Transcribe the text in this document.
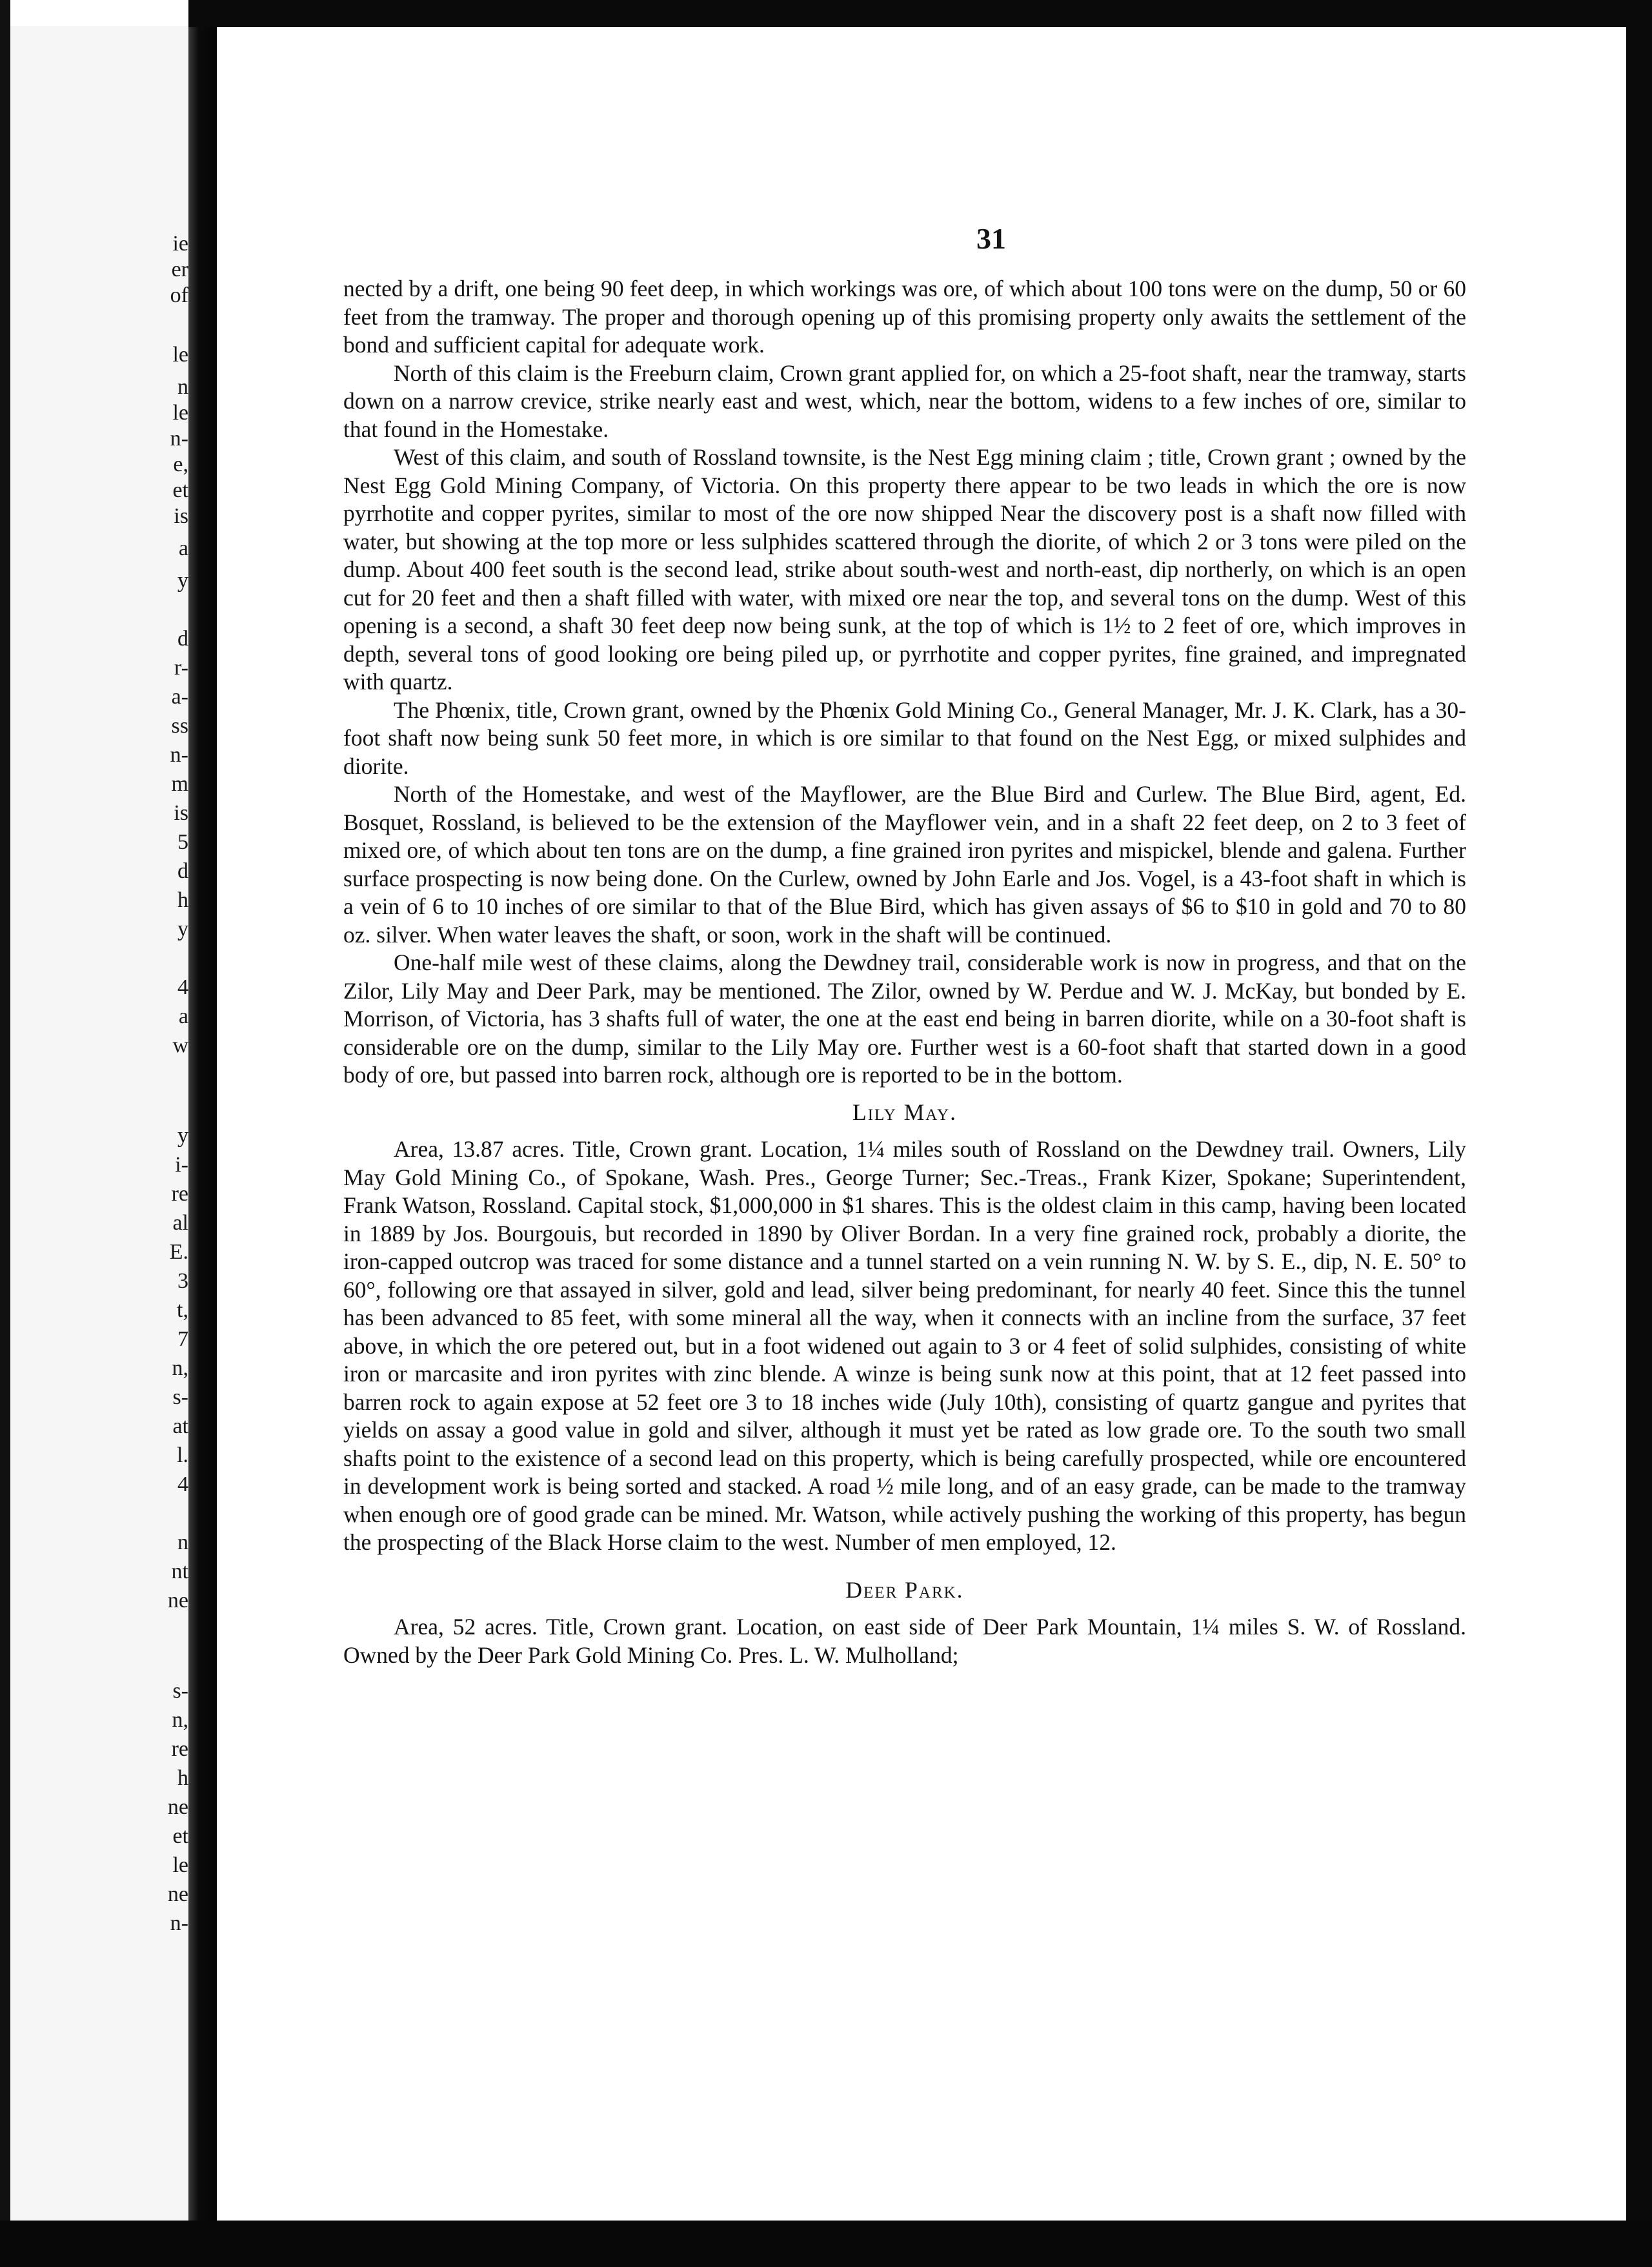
ie
er
of
le
n
le
n-
e,
et
is
a
y
d
r-
a-
ss
n-
m
is
5
d
h
y
4
a
w
y
i-
re
al
E.
3
t,
7
n,
s-
at
l.
4
n
nt
ne
s-
n,
re
h
ne
et
le
ne
n-
31

nected by a drift, one being 90 feet deep, in which workings was ore, of which about 100 tons were on the dump, 50 or 60 feet from the tramway. The proper and thorough opening up of this promising property only awaits the settlement of the bond and sufficient capital for adequate work.

North of this claim is the Freeburn claim, Crown grant applied for, on which a 25-foot shaft, near the tramway, starts down on a narrow crevice, strike nearly east and west, which, near the bottom, widens to a few inches of ore, similar to that found in the Homestake.

West of this claim, and south of Rossland townsite, is the Nest Egg mining claim ; title, Crown grant ; owned by the Nest Egg Gold Mining Company, of Victoria. On this property there appear to be two leads in which the ore is now pyrrhotite and copper pyrites, similar to most of the ore now shipped Near the discovery post is a shaft now filled with water, but showing at the top more or less sulphides scattered through the diorite, of which 2 or 3 tons were piled on the dump. About 400 feet south is the second lead, strike about south-west and north-east, dip northerly, on which is an open cut for 20 feet and then a shaft filled with water, with mixed ore near the top, and several tons on the dump. West of this opening is a second, a shaft 30 feet deep now being sunk, at the top of which is 1½ to 2 feet of ore, which improves in depth, several tons of good looking ore being piled up, or pyrrhotite and copper pyrites, fine grained, and impregnated with quartz.

The Phœnix, title, Crown grant, owned by the Phœnix Gold Mining Co., General Manager, Mr. J. K. Clark, has a 30-foot shaft now being sunk 50 feet more, in which is ore similar to that found on the Nest Egg, or mixed sulphides and diorite.

North of the Homestake, and west of the Mayflower, are the Blue Bird and Curlew. The Blue Bird, agent, Ed. Bosquet, Rossland, is believed to be the extension of the Mayflower vein, and in a shaft 22 feet deep, on 2 to 3 feet of mixed ore, of which about ten tons are on the dump, a fine grained iron pyrites and mispickel, blende and galena. Further surface prospecting is now being done. On the Curlew, owned by John Earle and Jos. Vogel, is a 43-foot shaft in which is a vein of 6 to 10 inches of ore similar to that of the Blue Bird, which has given assays of $6 to $10 in gold and 70 to 80 oz. silver. When water leaves the shaft, or soon, work in the shaft will be continued.

One-half mile west of these claims, along the Dewdney trail, considerable work is now in progress, and that on the Zilor, Lily May and Deer Park, may be mentioned. The Zilor, owned by W. Perdue and W. J. McKay, but bonded by E. Morrison, of Victoria, has 3 shafts full of water, the one at the east end being in barren diorite, while on a 30-foot shaft is considerable ore on the dump, similar to the Lily May ore. Further west is a 60-foot shaft that started down in a good body of ore, but passed into barren rock, although ore is reported to be in the bottom.

Lily May.

Area, 13.87 acres. Title, Crown grant. Location, 1¼ miles south of Rossland on the Dewdney trail. Owners, Lily May Gold Mining Co., of Spokane, Wash. Pres., George Turner; Sec.-Treas., Frank Kizer, Spokane; Superintendent, Frank Watson, Rossland. Capital stock, $1,000,000 in $1 shares. This is the oldest claim in this camp, having been located in 1889 by Jos. Bourgouis, but recorded in 1890 by Oliver Bordan. In a very fine grained rock, probably a diorite, the iron-capped outcrop was traced for some distance and a tunnel started on a vein running N. W. by S. E., dip, N. E. 50° to 60°, following ore that assayed in silver, gold and lead, silver being predominant, for nearly 40 feet. Since this the tunnel has been advanced to 85 feet, with some mineral all the way, when it connects with an incline from the surface, 37 feet above, in which the ore petered out, but in a foot widened out again to 3 or 4 feet of solid sulphides, consisting of white iron or marcasite and iron pyrites with zinc blende. A winze is being sunk now at this point, that at 12 feet passed into barren rock to again expose at 52 feet ore 3 to 18 inches wide (July 10th), consisting of quartz gangue and pyrites that yields on assay a good value in gold and silver, although it must yet be rated as low grade ore. To the south two small shafts point to the existence of a second lead on this property, which is being carefully prospected, while ore encountered in development work is being sorted and stacked. A road ½ mile long, and of an easy grade, can be made to the tramway when enough ore of good grade can be mined. Mr. Watson, while actively pushing the working of this property, has begun the prospecting of the Black Horse claim to the west. Number of men employed, 12.

Deer Park.

Area, 52 acres. Title, Crown grant. Location, on east side of Deer Park Mountain, 1¼ miles S. W. of Rossland. Owned by the Deer Park Gold Mining Co. Pres. L. W. Mulholland;
